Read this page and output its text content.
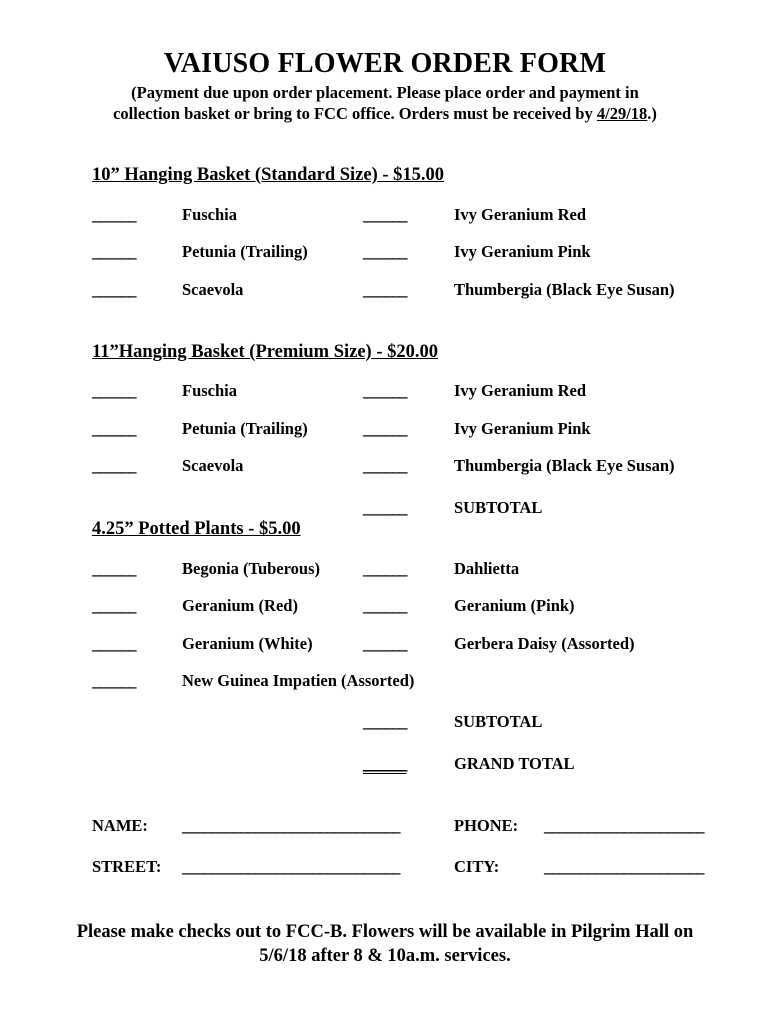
VAIUSO FLOWER ORDER FORM
(Payment due upon order placement. Please place order and payment in
collection basket or bring to FCC office. Orders must be received by 4/29/18.)
10” Hanging Basket (Standard Size) - $15.00
______	Fuschia	______	Ivy Geranium Red
______	Petunia (Trailing)	______	Ivy Geranium Pink
______	Scaevola	______	Thumbergia (Black Eye Susan)
11”Hanging Basket (Premium Size) - $20.00
______	Fuschia	______	Ivy Geranium Red
______	Petunia (Trailing)	______	Ivy Geranium Pink
______	Scaevola	______	Thumbergia (Black Eye Susan)
______	SUBTOTAL
4.25” Potted Plants - $5.00
______	Begonia (Tuberous)	______	Dahlietta
______	Geranium (Red)	______	Geranium (Pink)
______	Geranium (White)	______	Gerbera Daisy (Assorted)
______	New Guinea Impatien (Assorted)
______	SUBTOTAL
______	GRAND TOTAL
NAME: ______________________________	PHONE: ______________________
STREET: ______________________________	CITY:	______________________
Please make checks out to FCC-B. Flowers will be available in Pilgrim Hall on 5/6/18 after 8 & 10a.m. services.
